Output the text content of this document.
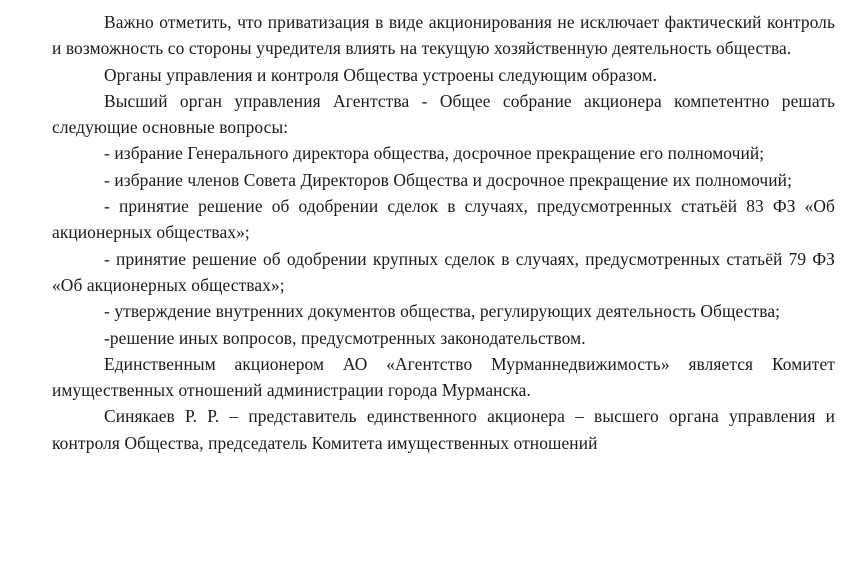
Важно отметить, что приватизация в виде акционирования не исключает фактический контроль и возможность со стороны учредителя влиять на текущую хозяйственную деятельность общества.

Органы управления и контроля Общества устроены следующим образом.

Высший орган управления Агентства - Общее собрание акционера компетентно решать следующие основные вопросы:

- избрание Генерального директора общества, досрочное прекращение его полномочий;

- избрание членов Совета Директоров Общества и досрочное прекращение их полномочий;

- принятие решение об одобрении сделок в случаях, предусмотренных статьёй 83 ФЗ «Об акционерных обществах»;

- принятие решение об одобрении крупных сделок в случаях, предусмотренных статьёй 79 ФЗ «Об акционерных обществах»;

- утверждение внутренних документов общества, регулирующих деятельность Общества;

-решение иных вопросов, предусмотренных законодательством.

Единственным акционером АО «Агентство Мурманнедвижимость» является Комитет имущественных отношений администрации города Мурманска.

Синякаев Р. Р. – представитель единственного акционера – высшего органа управления и контроля Общества, председатель Комитета имущественных отношений
